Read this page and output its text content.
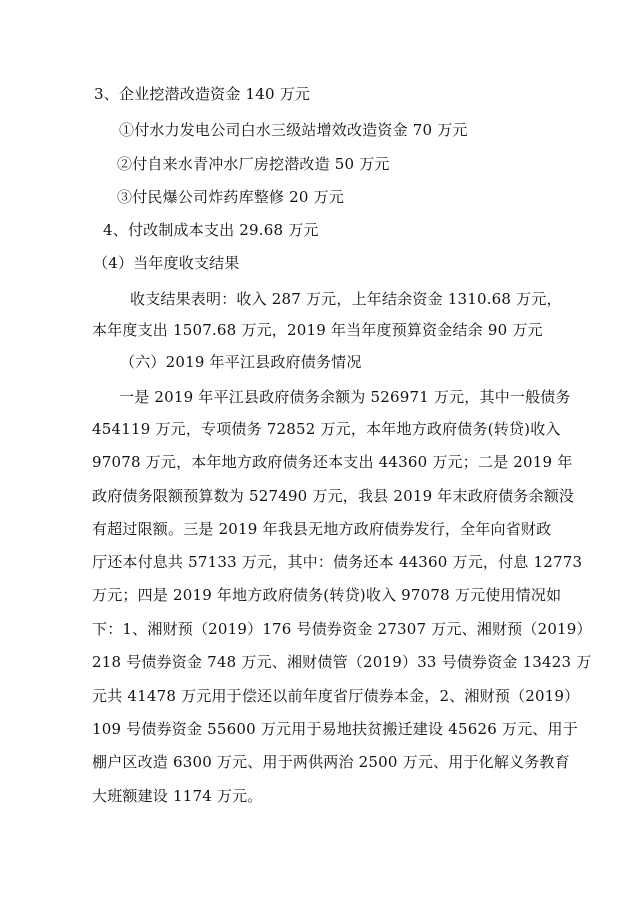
3、企业挖潜改造资金 140 万元
①付水力发电公司白水三级站增效改造资金 70 万元
②付自来水青冲水厂房挖潜改造 50 万元
③付民爆公司炸药库整修 20 万元
4、付改制成本支出 29.68 万元
（4）当年度收支结果
收支结果表明：收入 287 万元，上年结余资金 1310.68 万元，
本年度支出 1507.68 万元，2019 年当年度预算资金结余 90 万元
（六）2019 年平江县政府债务情况
一是 2019 年平江县政府债务余额为 526971 万元，其中一般债务
454119 万元，专项债务 72852 万元，本年地方政府债务(转贷)收入
97078 万元，本年地方政府债务还本支出 44360 万元；二是 2019 年
政府债务限额预算数为 527490 万元，我县 2019 年末政府债务余额没
有超过限额。三是 2019 年我县无地方政府债券发行，全年向省财政
厅还本付息共 57133 万元，其中：债务还本 44360 万元，付息 12773
万元；四是 2019 年地方政府债务(转贷)收入 97078 万元使用情况如
下：1、湘财预（2019）176 号债券资金 27307 万元、湘财预（2019）
218 号债券资金 748 万元、湘财债管（2019）33 号债券资金 13423 万
元共 41478 万元用于偿还以前年度省厅债券本金，2、湘财预（2019）
109 号债券资金 55600 万元用于易地扶贫搬迁建设 45626 万元、用于
棚户区改造 6300 万元、用于两供两治 2500 万元、用于化解义务教育
大班额建设 1174 万元。
